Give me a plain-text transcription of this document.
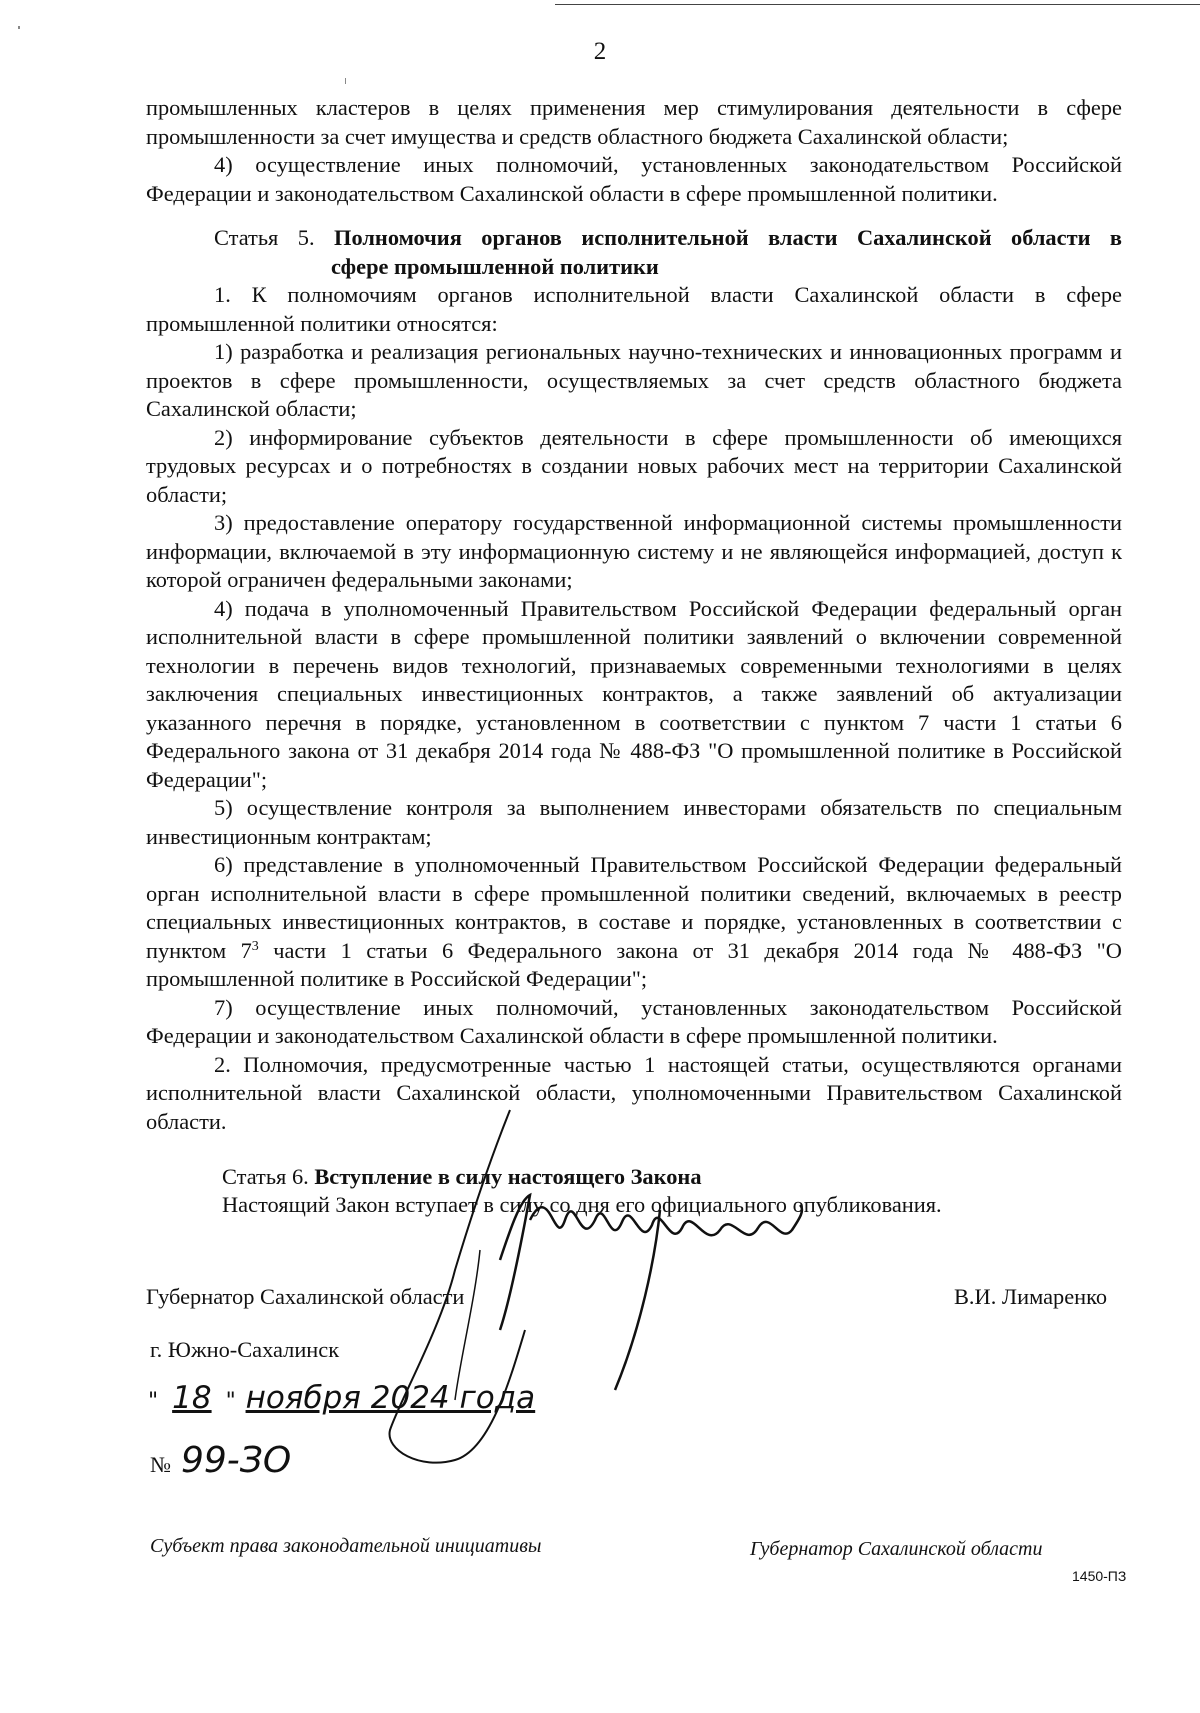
2

промышленных кластеров в целях применения мер стимулирования деятельности в сфере промышленности за счет имущества и средств областного бюджета Сахалинской области;

4) осуществление иных полномочий, установленных законодательством Российской Федерации и законодательством Сахалинской области в сфере промышленной политики.

Статья 5. Полномочия органов исполнительной власти Сахалинской области в
сфере промышленной политики

1. К полномочиям органов исполнительной власти Сахалинской области в сфере промышленной политики относятся:

1) разработка и реализация региональных научно-технических и инновационных программ и проектов в сфере промышленности, осуществляемых за счет средств областного бюджета Сахалинской области;

2) информирование субъектов деятельности в сфере промышленности об имеющихся трудовых ресурсах и о потребностях в создании новых рабочих мест на территории Сахалинской области;

3) предоставление оператору государственной информационной системы промышленности информации, включаемой в эту информационную систему и не являющейся информацией, доступ к которой ограничен федеральными законами;

4) подача в уполномоченный Правительством Российской Федерации федеральный орган исполнительной власти в сфере промышленной политики заявлений о включении современной технологии в перечень видов технологий, признаваемых современными технологиями в целях заключения специальных инвестиционных контрактов, а также заявлений об актуализации указанного перечня в порядке, установленном в соответствии с пунктом 7 части 1 статьи 6 Федерального закона от 31 декабря 2014 года № 488-ФЗ "О промышленной политике в Российской Федерации";

5) осуществление контроля за выполнением инвесторами обязательств по специальным инвестиционным контрактам;

6) представление в уполномоченный Правительством Российской Федерации федеральный орган исполнительной власти в сфере промышленной политики сведений, включаемых в реестр специальных инвестиционных контрактов, в составе и порядке, установленных в соответствии с пунктом $7^3$ части 1 статьи 6 Федерального закона от 31 декабря 2014 года № 488-ФЗ "О промышленной политике в Российской Федерации";

7) осуществление иных полномочий, установленных законодательством Российской Федерации и законодательством Сахалинской области в сфере промышленной политики.

2. Полномочия, предусмотренные частью 1 настоящей статьи, осуществляются органами исполнительной власти Сахалинской области, уполномоченными Правительством Сахалинской области.

Статья 6. Вступление в силу настоящего Закона
Настоящий Закон вступает в силу со дня его официального опубликования.
Губернатор Сахалинской области	В.И. Лимаренко
г. Южно-Сахалинск
" 18 " ноября 2024 года
№ 99-ЗО
Субъект права законодательной инициативы	Губернатор Сахалинской области
1450-ПЗ
